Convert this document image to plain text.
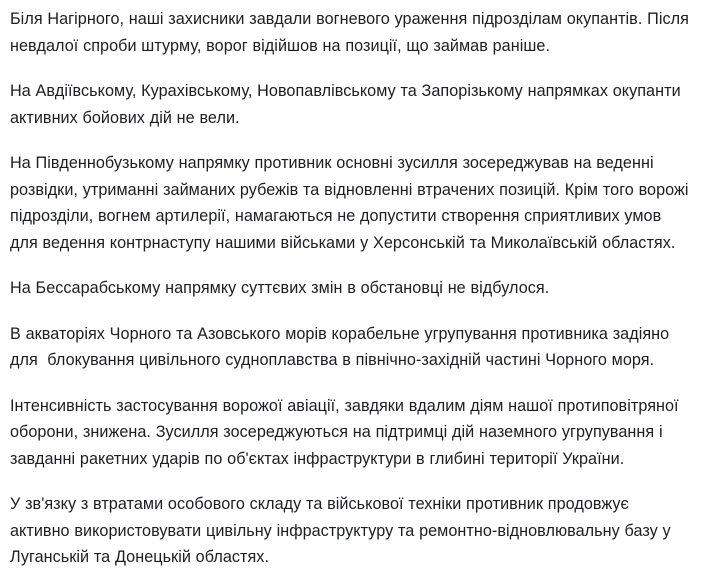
Біля Нагірного, наші захисники завдали вогневого ураження підрозділам окупантів. Після невдалої спроби штурму, ворог відійшов на позиції, що займав раніше.

На Авдіївському, Курахівському, Новопавлівському та Запорізькому напрямках окупанти активних бойових дій не вели.

На Південнобузькому напрямку противник основні зусилля зосереджував на веденні розвідки, утриманні займаних рубежів та відновленні втрачених позицій. Крім того ворожі підрозділи, вогнем артилерії, намагаються не допустити створення сприятливих умов для ведення контрнаступу нашими військами у Херсонській та Миколаївській областях.

На Бессарабському напрямку суттєвих змін в обстановці не відбулося.

В акваторіях Чорного та Азовського морів корабельне угрупування противника задіяно для  блокування цивільного судноплавства в північно-західній частині Чорного моря.

Інтенсивність застосування ворожої авіації, завдяки вдалим діям нашої протиповітряної оборони, знижена. Зусилля зосереджуються на підтримці дій наземного угрупування і завданні ракетних ударів по об'єктах інфраструктури в глибині території України.

У зв'язку з втратами особового складу та військової техніки противник продовжує активно використовувати цивільну інфраструктуру та ремонтно-відновлювальну базу у Луганській та Донецькій областях.
